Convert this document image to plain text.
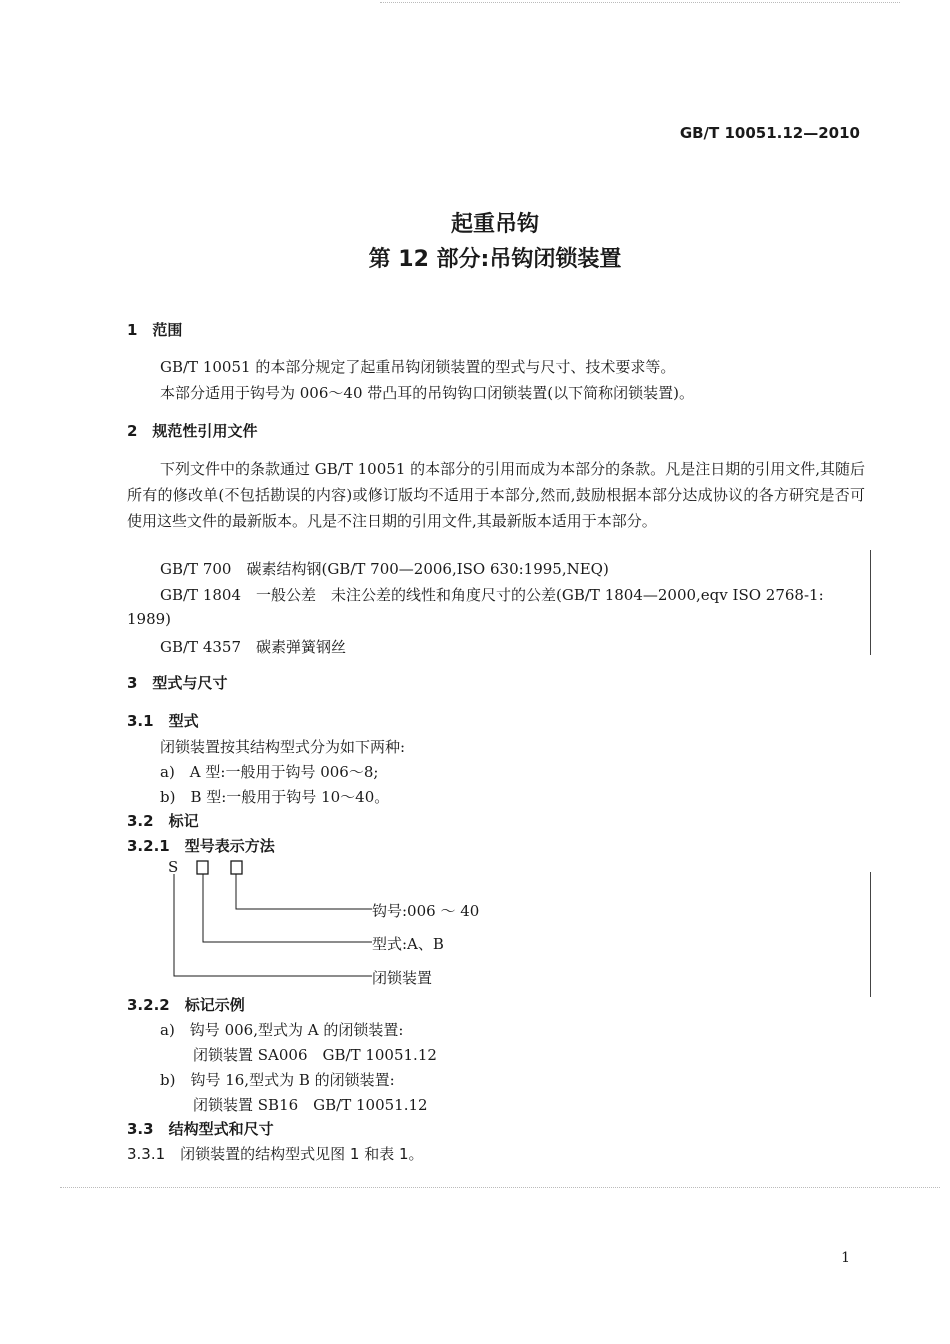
GB/T 10051.12—2010
起重吊钩
第 12 部分:吊钩闭锁装置
1　范围
GB/T 10051 的本部分规定了起重吊钩闭锁装置的型式与尺寸、技术要求等。
本部分适用于钩号为 006～40 带凸耳的吊钩钩口闭锁装置(以下简称闭锁装置)。
2　规范性引用文件
下列文件中的条款通过 GB/T 10051 的本部分的引用而成为本部分的条款。凡是注日期的引用文件,其随后所有的修改单(不包括勘误的内容)或修订版均不适用于本部分,然而,鼓励根据本部分达成协议的各方研究是否可使用这些文件的最新版本。凡是不注日期的引用文件,其最新版本适用于本部分。
GB/T 700　碳素结构钢(GB/T 700—2006,ISO 630:1995,NEQ)
GB/T 1804　一般公差　未注公差的线性和角度尺寸的公差(GB/T 1804—2000,eqv ISO 2768-1:
1989)
GB/T 4357　碳素弹簧钢丝
3　型式与尺寸
3.1　型式
闭锁装置按其结构型式分为如下两种:
a)　A 型:一般用于钩号 006～8;
b)　B 型:一般用于钩号 10～40。
3.2　标记
3.2.1　型号表示方法
S
钩号:006 ～ 40
型式:A、B
闭锁装置
3.2.2　标记示例
a)　钩号 006,型式为 A 的闭锁装置:
闭锁装置 SA006　GB/T 10051.12
b)　钩号 16,型式为 B 的闭锁装置:
闭锁装置 SB16　GB/T 10051.12
3.3　结构型式和尺寸
3.3.1　闭锁装置的结构型式见图 1 和表 1。
1
